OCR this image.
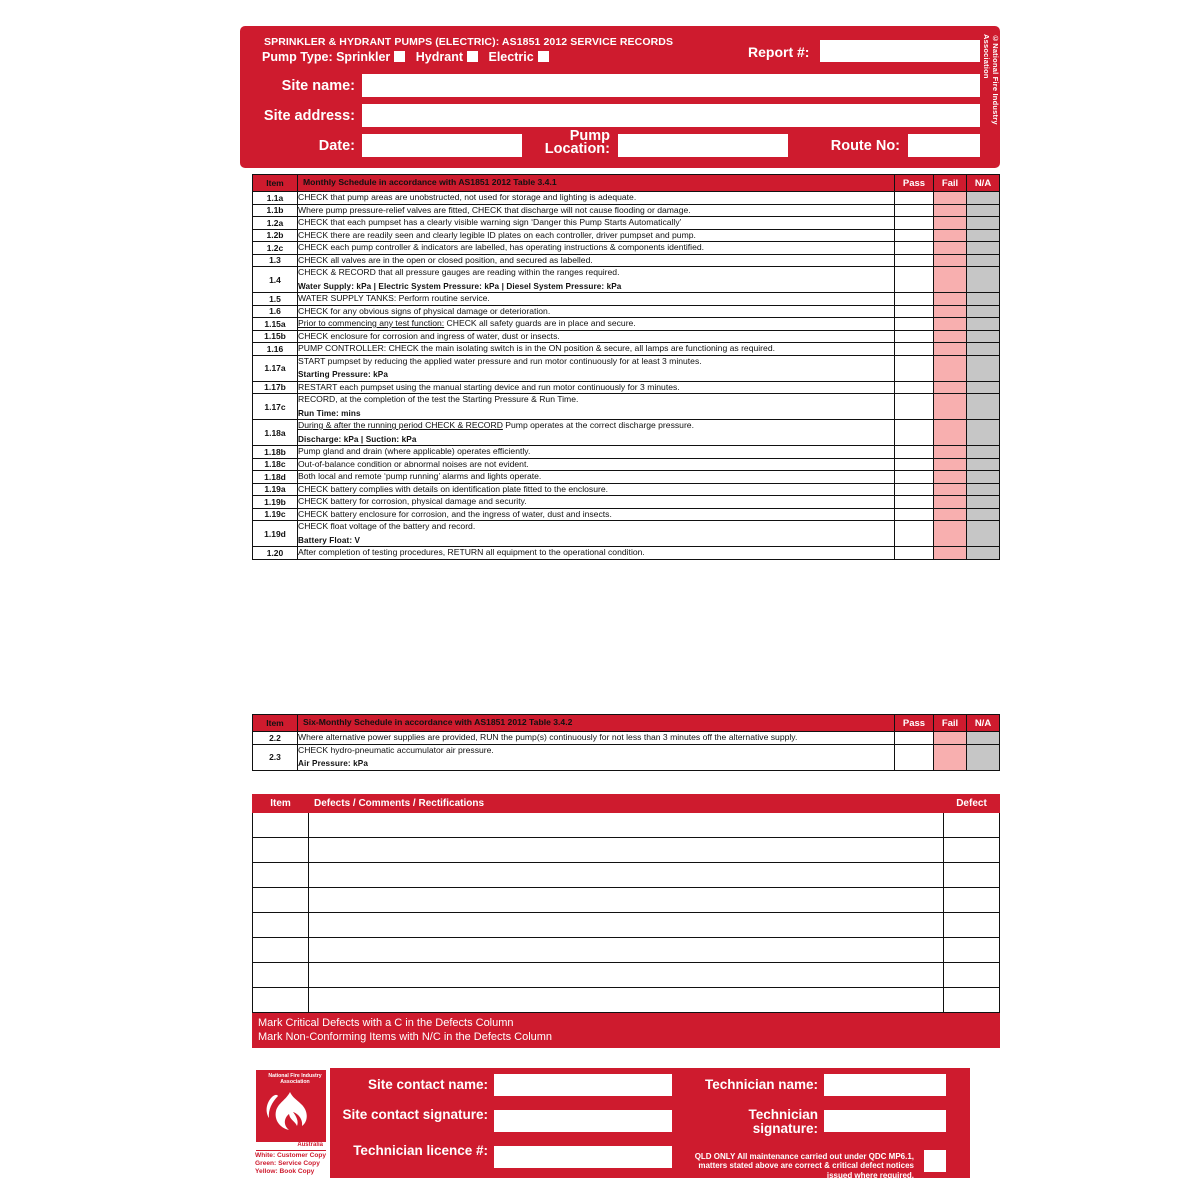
SPRINKLER & HYDRANT PUMPS (ELECTRIC): AS1851 2012 SERVICE RECORDS
Pump Type: Sprinkler Hydrant Electric	Report #:
Site name:
Site address:
Date:
Pump Location:	Route No:
©National Fire Industry Association
Item	Monthly Schedule in accordance with AS1851 2012 Table 3.4.1	Pass	Fail	N/A
1.1a	CHECK that pump areas are unobstructed, not used for storage and lighting is adequate.			
1.1b	Where pump pressure-relief valves are fitted, CHECK that discharge will not cause flooding or damage.			
1.2a	CHECK that each pumpset has a clearly visible warning sign ‘Danger this Pump Starts Automatically’			
1.2b	CHECK there are readily seen and clearly legible ID plates on each controller, driver pumpset and pump.			
1.2c	CHECK each pump controller & indicators are labelled, has operating instructions & components identified.			
1.3	CHECK all valves are in the open or closed position, and secured as labelled.			
1.4	CHECK & RECORD that all pressure gauges are reading within the ranges required.
Water Supply: kPa | Electric System Pressure: kPa | Diesel System Pressure: kPa			

1.5	WATER SUPPLY TANKS: Perform routine service.			
1.6	CHECK for any obvious signs of physical damage or deterioration.			
1.15a	Prior to commencing any test function: CHECK all safety guards are in place and secure.			
1.15b	CHECK enclosure for corrosion and ingress of water, dust or insects.			
1.16	PUMP CONTROLLER: CHECK the main isolating switch is in the ON position & secure, all lamps are functioning as required.			
1.17a	START pumpset by reducing the applied water pressure and run motor continuously for at least 3 minutes.
Starting Pressure: kPa			

1.17b	RESTART each pumpset using the manual starting device and run motor continuously for 3 minutes.			
1.17c	RECORD, at the completion of the test the Starting Pressure & Run Time.
Run Time: mins			

1.18a	During & after the running period CHECK & RECORD Pump operates at the correct discharge pressure.
Discharge: kPa | Suction: kPa			

1.18b	Pump gland and drain (where applicable) operates efficiently.			
1.18c	Out-of-balance condition or abnormal noises are not evident.			
1.18d	Both local and remote ‘pump running’ alarms and lights operate.			
1.19a	CHECK battery complies with details on identification plate fitted to the enclosure.			
1.19b	CHECK battery for corrosion, physical damage and security.			
1.19c	CHECK battery enclosure for corrosion, and the ingress of water, dust and insects.			
1.19d	CHECK float voltage of the battery and record.
Battery Float: V			

1.20	After completion of testing procedures, RETURN all equipment to the operational condition.			
Item	Six-Monthly Schedule in accordance with AS1851 2012 Table 3.4.2	Pass	Fail	N/A
2.2	Where alternative power supplies are provided, RUN the pump(s) continuously for not less than 3 minutes off the alternative supply.			
2.3	CHECK hydro-pneumatic accumulator air pressure.
Air Pressure: kPa			

Item	Defects / Comments / Rectifications	Defect

Mark Critical Defects with a C in the Defects Column
Mark Non-Conforming Items with N/C in the Defects Column
National Fire Industry Association
Australia
White: Customer Copy
Green: Service Copy
Yellow: Book Copy
Site contact name:
Site contact signature:
Technician licence #:
Technician name:
Technician signature:
QLD ONLY All maintenance carried out under QDC MP6.1, matters stated above are correct & critical defect notices issued where required.
